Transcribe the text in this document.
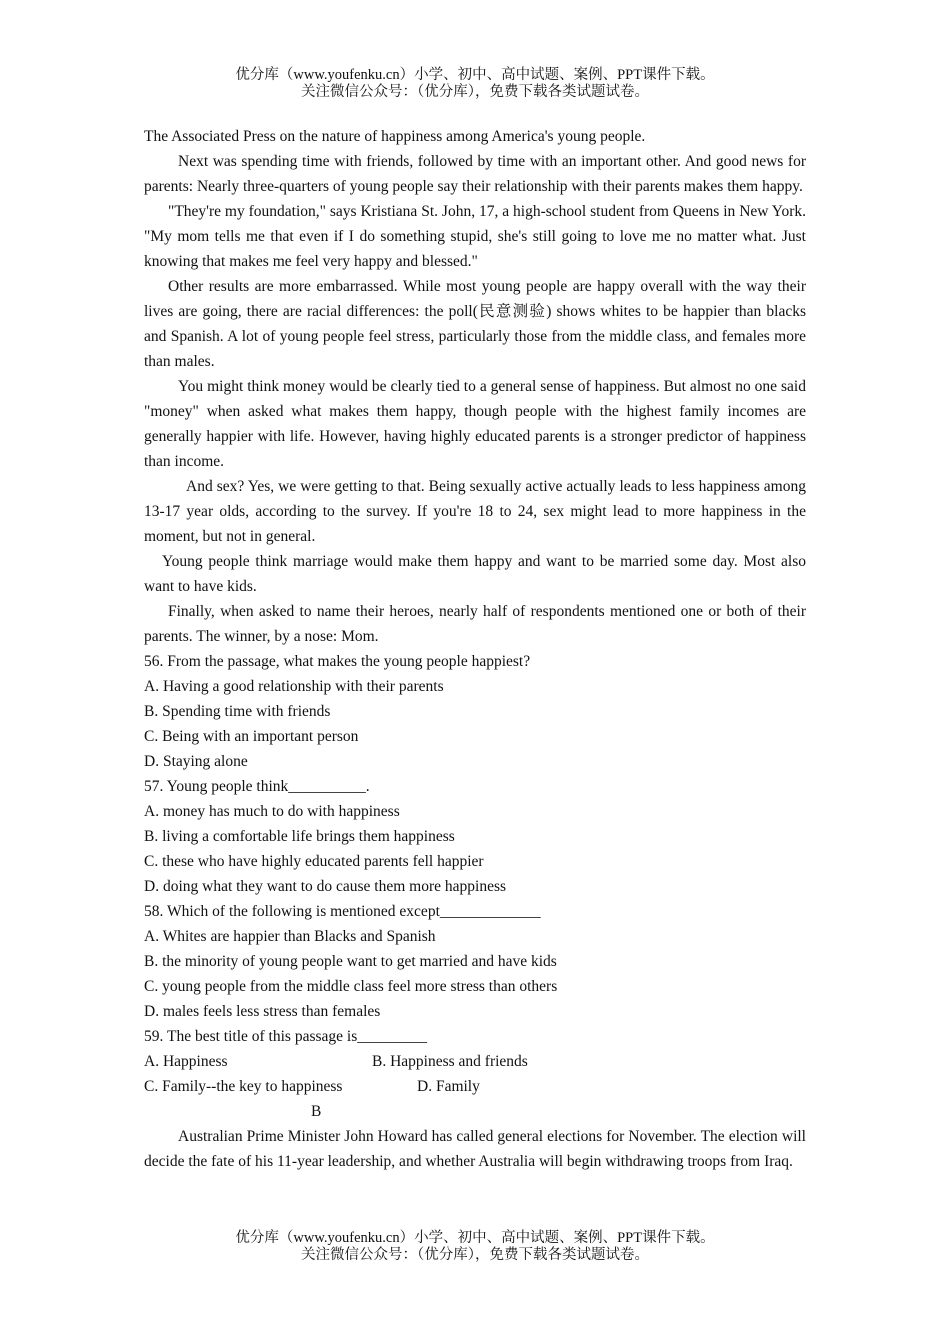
优分库（www.youfenku.cn）小学、初中、高中试题、案例、PPT课件下载。
关注微信公众号：（优分库），免费下载各类试题试卷。

The Associated Press on the nature of happiness among America's young people.

Next was spending time with friends, followed by time with an important other. And good news for parents: Nearly three-quarters of young people say their relationship with their parents makes them happy.

"They're my foundation," says Kristiana St. John, 17, a high-school student from Queens in New York. "My mom tells me that even if I do something stupid, she's still going to love me no matter what. Just knowing that makes me feel very happy and blessed."

Other results are more embarrassed. While most young people are happy overall with the way their lives are going, there are racial differences: the poll(民意测验) shows whites to be happier than blacks and Spanish. A lot of young people feel stress, particularly those from the middle class, and females more than males.

You might think money would be clearly tied to a general sense of happiness. But almost no one said "money" when asked what makes them happy, though people with the highest family incomes are generally happier with life. However, having highly educated parents is a stronger predictor of happiness than income.

And sex? Yes, we were getting to that. Being sexually active actually leads to less happiness among 13-17 year olds, according to the survey. If you're 18 to 24, sex might lead to more happiness in the moment, but not in general.

Young people think marriage would make them happy and want to be married some day. Most also want to have kids.

Finally, when asked to name their heroes, nearly half of respondents mentioned one or both of their parents. The winner, by a nose: Mom.

56. From the passage, what makes the young people happiest?

A. Having a good relationship with their parents

B. Spending time with friends

C. Being with an important person

D. Staying alone

57. Young people think__________.

A. money has much to do with happiness

B. living a comfortable life brings them happiness

C. these who have highly educated parents fell happier

D. doing what they want to do cause them more happiness

58. Which of the following is mentioned except_____________

A. Whites are happier than Blacks and Spanish

B. the minority of young people want to get married and have kids

C. young people from the middle class feel more stress than others

D. males feels less stress than females

59. The best title of this passage is_________

A. Happiness	B. Happiness and friends
C. Family--the key to happiness	D. Family

B

Australian Prime Minister John Howard has called general elections for November. The election will decide the fate of his 11-year leadership, and whether Australia will begin withdrawing troops from Iraq.

优分库（www.youfenku.cn）小学、初中、高中试题、案例、PPT课件下载。
关注微信公众号：（优分库），免费下载各类试题试卷。
